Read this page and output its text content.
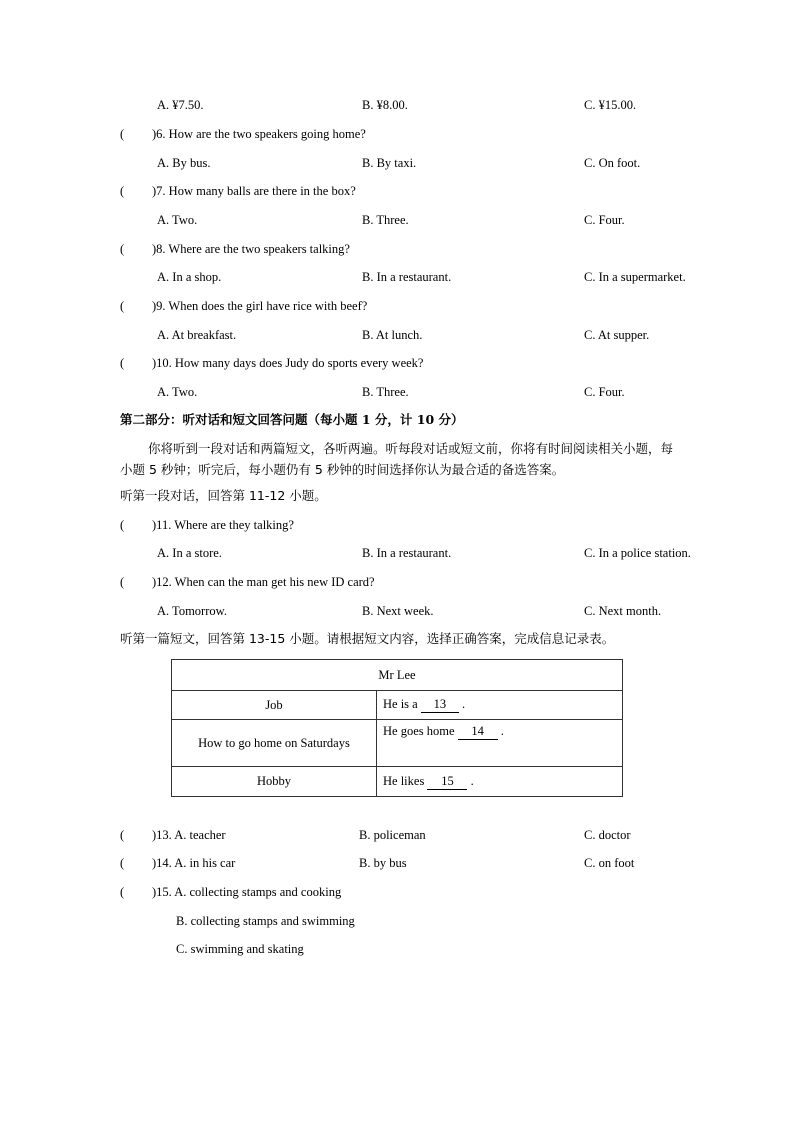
A. ¥7.50.	B. ¥8.00.	C. ¥15.00.
( )6. How are the two speakers going home?
A. By bus.	B. By taxi.	C. On foot.
( )7. How many balls are there in the box?
A. Two.	B. Three.	C. Four.
( )8. Where are the two speakers talking?
A. In a shop.	B. In a restaurant.	C. In a supermarket.
( )9. When does the girl have rice with beef?
A. At breakfast.	B. At lunch.	C. At supper.
( )10. How many days does Judy do sports every week?
A. Two.	B. Three.	C. Four.
第二部分：听对话和短文回答问题（每小题 1 分，计 10 分）
你将听到一段对话和两篇短文，各听两遍。听每段对话或短文前，你将有时间阅读相关小题，每小题 5 秒钟；听完后，每小题仍有 5 秒钟的时间选择你认为最合适的备选答案。
听第一段对话，回答第 11-12 小题。
( )11. Where are they talking?
A. In a store.	B. In a restaurant.	C. In a police station.
( )12. When can the man get his new ID card?
A. Tomorrow.	B. Next week.	C. Next month.
听第一篇短文，回答第 13-15 小题。请根据短文内容，选择正确答案，完成信息记录表。
Mr Lee	
Job	He is a 13 .
How to go home on Saturdays	He goes home 14 .
Hobby	He likes 15 .
( )13. A. teacher	B. policeman	C. doctor
( )14. A. in his car	B. by bus	C. on foot
( )15. A. collecting stamps and cooking
B. collecting stamps and swimming
C. swimming and skating
